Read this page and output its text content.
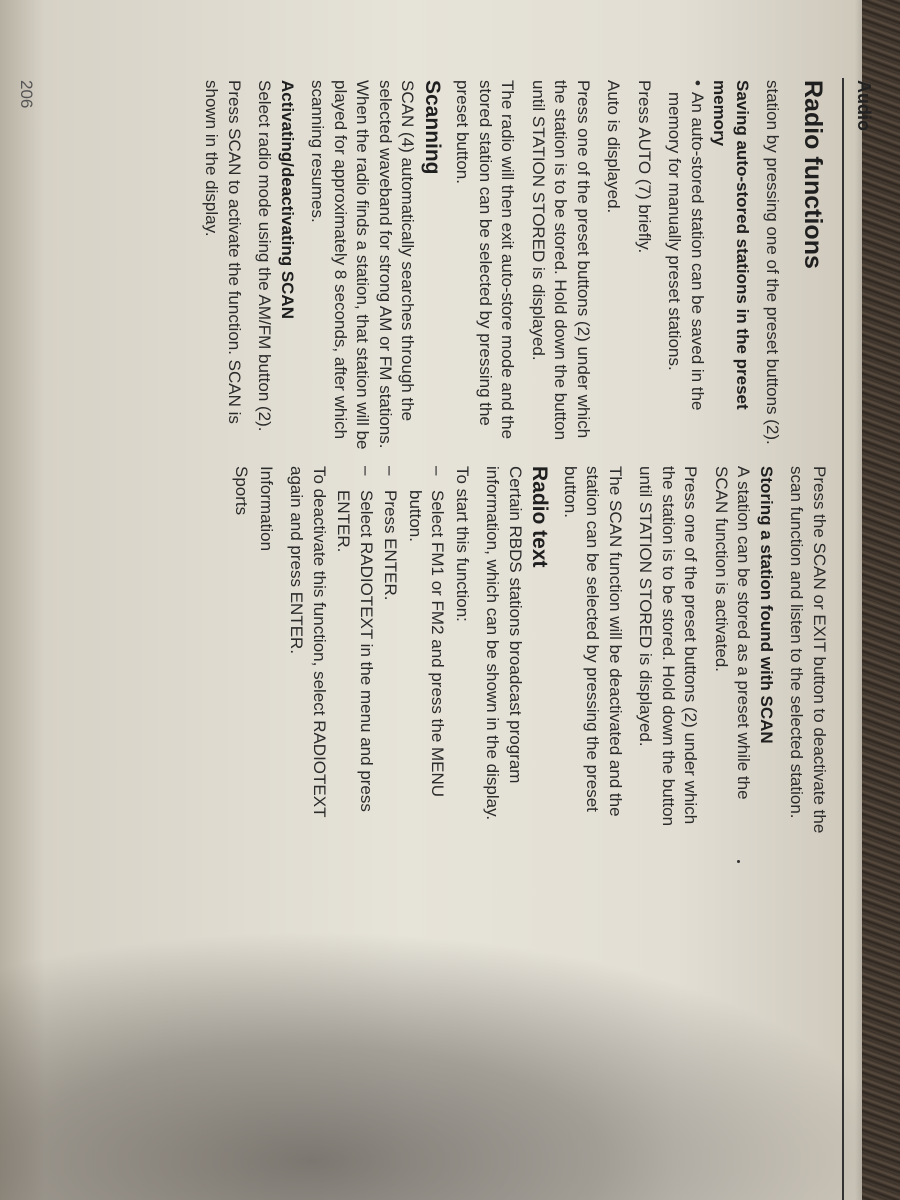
Audio
Radio functions

station by pressing one of the preset buttons (2).

Saving auto-stored stations in the preset memory
•
An auto-stored station can be saved in the memory for manually preset stations.

Press AUTO (7) briefly.

Auto is displayed.

Press one of the preset buttons (2) under which the station is to be stored. Hold down the button until STATION STORED is displayed.

The radio will then exit auto-store mode and the stored station can be selected by pressing the preset button.

Scanning

SCAN (4) automatically searches through the selected waveband for strong AM or FM stations. When the radio finds a station, that station will be played for approximately 8 seconds, after which scanning resumes.

Activating/deactivating SCAN

Select radio mode using the AM/FM button (2).

Press SCAN to activate the function. SCAN is shown in the display.

Press the SCAN or EXIT button to deactivate the scan function and listen to the selected station.

Storing a station found with SCAN

A station can be stored as a preset while the SCAN function is activated.

Press one of the preset buttons (2) under which the station is to be stored. Hold down the button until STATION STORED is displayed.

The SCAN function will be deactivated and the station can be selected by pressing the preset button.

Radio text

Certain RBDS stations broadcast program information, which can be shown in the display.

To start this function:
–
Select FM1 or FM2 and press the MENU button.
–
Press ENTER.
–
Select RADIOTEXT in the menu and press ENTER.

To deactivate this function, select RADIOTEXT again and press ENTER.

Information
Sports
206
